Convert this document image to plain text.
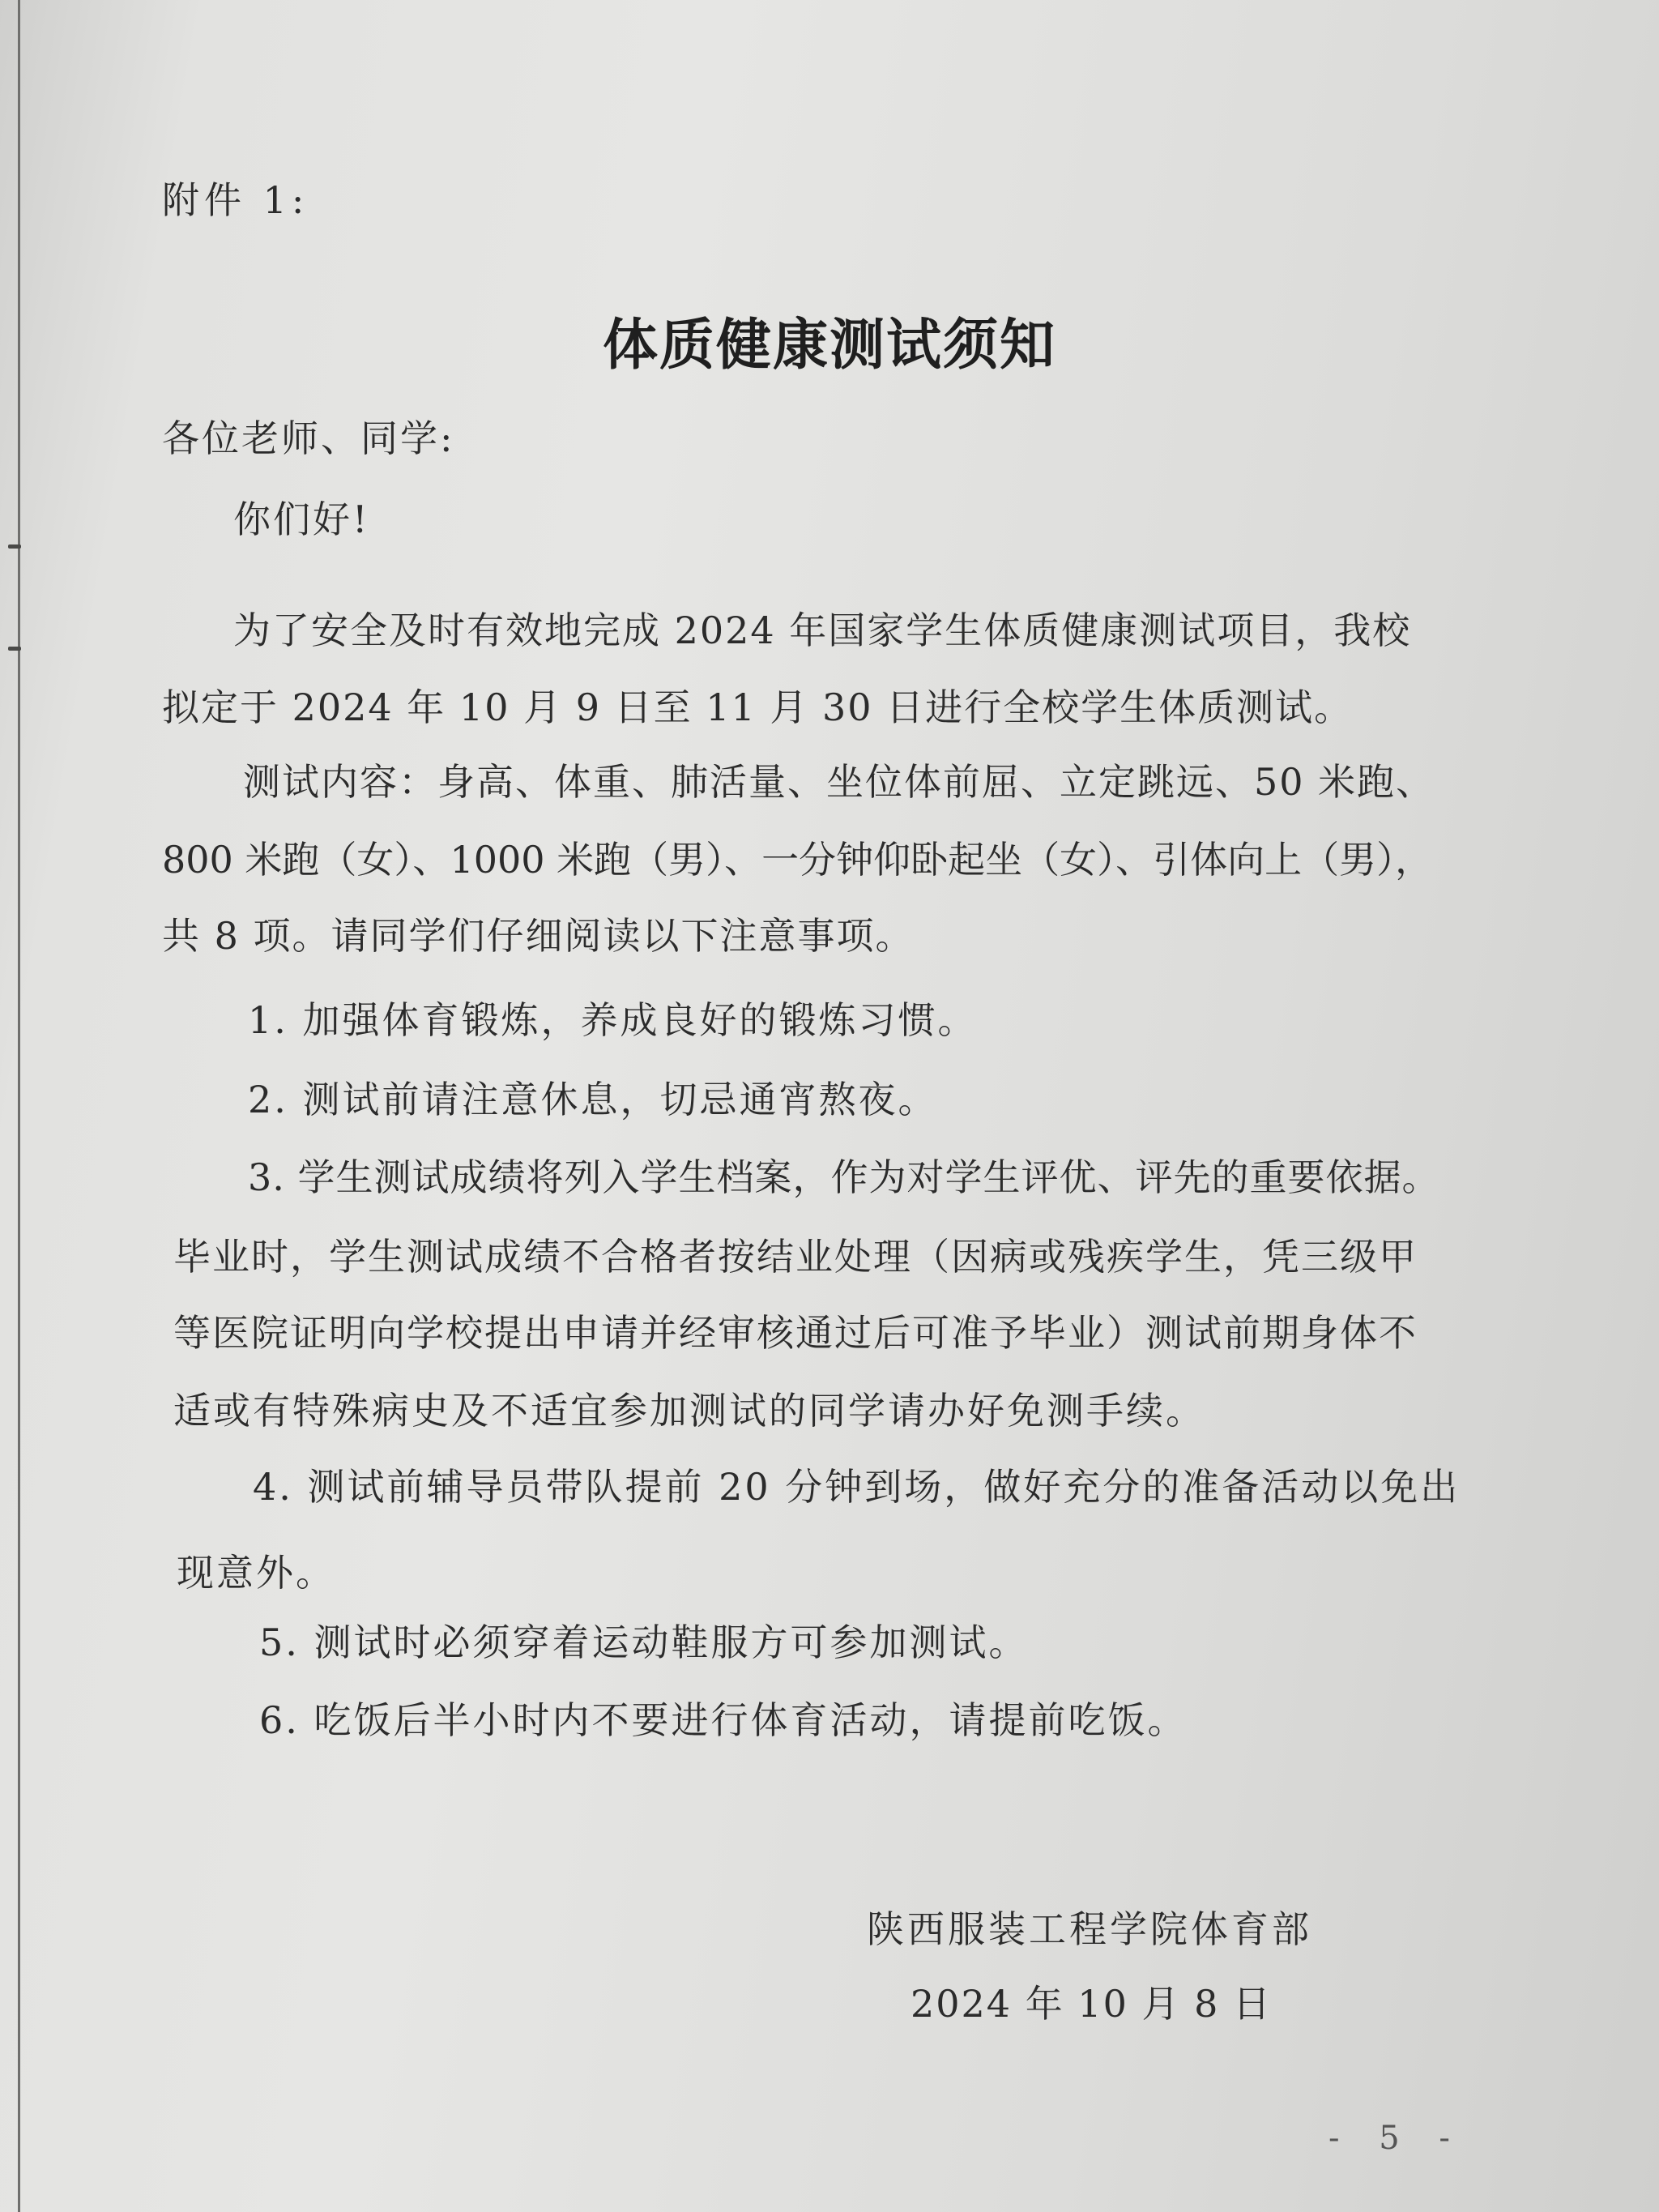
附件 1:
体质健康测试须知
各位老师、同学:
你们好!
为了安全及时有效地完成 2024 年国家学生体质健康测试项目，我校
拟定于 2024 年 10 月 9 日至 11 月 30 日进行全校学生体质测试。
测试内容：身高、体重、肺活量、坐位体前屈、立定跳远、50 米跑、
800 米跑（女）、1000 米跑（男）、一分钟仰卧起坐（女）、引体向上（男），
共 8 项。请同学们仔细阅读以下注意事项。
1. 加强体育锻炼，养成良好的锻炼习惯。
2. 测试前请注意休息，切忌通宵熬夜。
3. 学生测试成绩将列入学生档案，作为对学生评优、评先的重要依据。
毕业时，学生测试成绩不合格者按结业处理（因病或残疾学生，凭三级甲
等医院证明向学校提出申请并经审核通过后可准予毕业）测试前期身体不
适或有特殊病史及不适宜参加测试的同学请办好免测手续。
4. 测试前辅导员带队提前 20 分钟到场，做好充分的准备活动以免出
现意外。
5. 测试时必须穿着运动鞋服方可参加测试。
6. 吃饭后半小时内不要进行体育活动，请提前吃饭。
陕西服装工程学院体育部
2024 年 10 月 8 日
- 5 -
